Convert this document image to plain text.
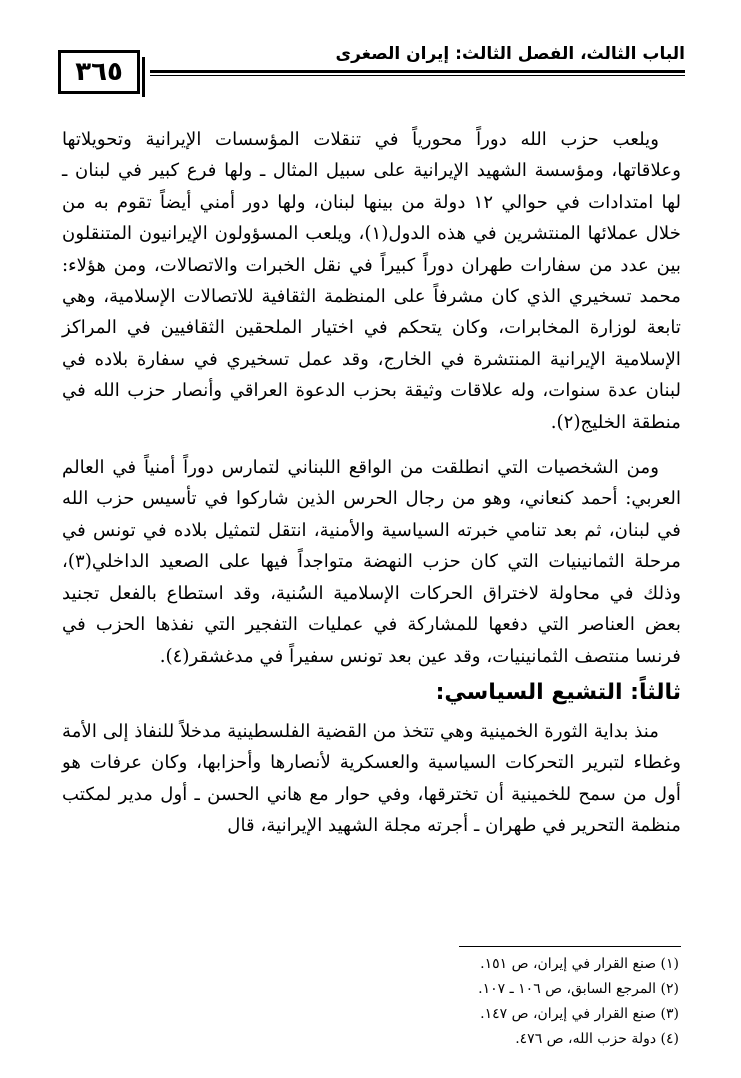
٣٦٥
الباب الثالث، الفصل الثالث: إيران الصغرى

ويلعب حزب الله دوراً محورياً في تنقلات المؤسسات الإيرانية وتحويلاتها وعلاقاتها، ومؤسسة الشهيد الإيرانية على سبيل المثال ـ ولها فرع كبير في لبنان ـ لها امتدادات في حوالي ١٢ دولة من بينها لبنان، ولها دور أمني أيضاً تقوم به من خلال عملائها المنتشرين في هذه الدول(١)، ويلعب المسؤولون الإيرانيون المتنقلون بين عدد من سفارات طهران دوراً كبيراً في نقل الخبرات والاتصالات، ومن هؤلاء: محمد تسخيري الذي كان مشرفاً على المنظمة الثقافية للاتصالات الإسلامية، وهي تابعة لوزارة المخابرات، وكان يتحكم في اختيار الملحقين الثقافيين في المراكز الإسلامية الإيرانية المنتشرة في الخارج، وقد عمل تسخيري في سفارة بلاده في لبنان عدة سنوات، وله علاقات وثيقة بحزب الدعوة العراقي وأنصار حزب الله في منطقة الخليج(٢).

ومن الشخصيات التي انطلقت من الواقع اللبناني لتمارس دوراً أمنياً في العالم العربي: أحمد كنعاني، وهو من رجال الحرس الذين شاركوا في تأسيس حزب الله في لبنان، ثم بعد تنامي خبرته السياسية والأمنية، انتقل لتمثيل بلاده في تونس في مرحلة الثمانينيات التي كان حزب النهضة متواجداً فيها على الصعيد الداخلي(٣)، وذلك في محاولة لاختراق الحركات الإسلامية السُنية، وقد استطاع بالفعل تجنيد بعض العناصر التي دفعها للمشاركة في عمليات التفجير التي نفذها الحزب في فرنسا منتصف الثمانينيات، وقد عين بعد تونس سفيراً في مدغشقر(٤).

ثالثاً: التشيع السياسي:

منذ بداية الثورة الخمينية وهي تتخذ من القضية الفلسطينية مدخلاً للنفاذ إلى الأمة وغطاء لتبرير التحركات السياسية والعسكرية لأنصارها وأحزابها، وكان عرفات هو أول من سمح للخمينية أن تخترقها، وفي حوار مع هاني الحسن ـ أول مدير لمكتب منظمة التحرير في طهران ـ أجرته مجلة الشهيد الإيرانية، قال

(١) صنع القرار في إيران، ص ١٥١.

(٢) المرجع السابق، ص ١٠٦ ـ ١٠٧.

(٣) صنع القرار في إيران، ص ١٤٧.

(٤) دولة حزب الله، ص ٤٧٦.
